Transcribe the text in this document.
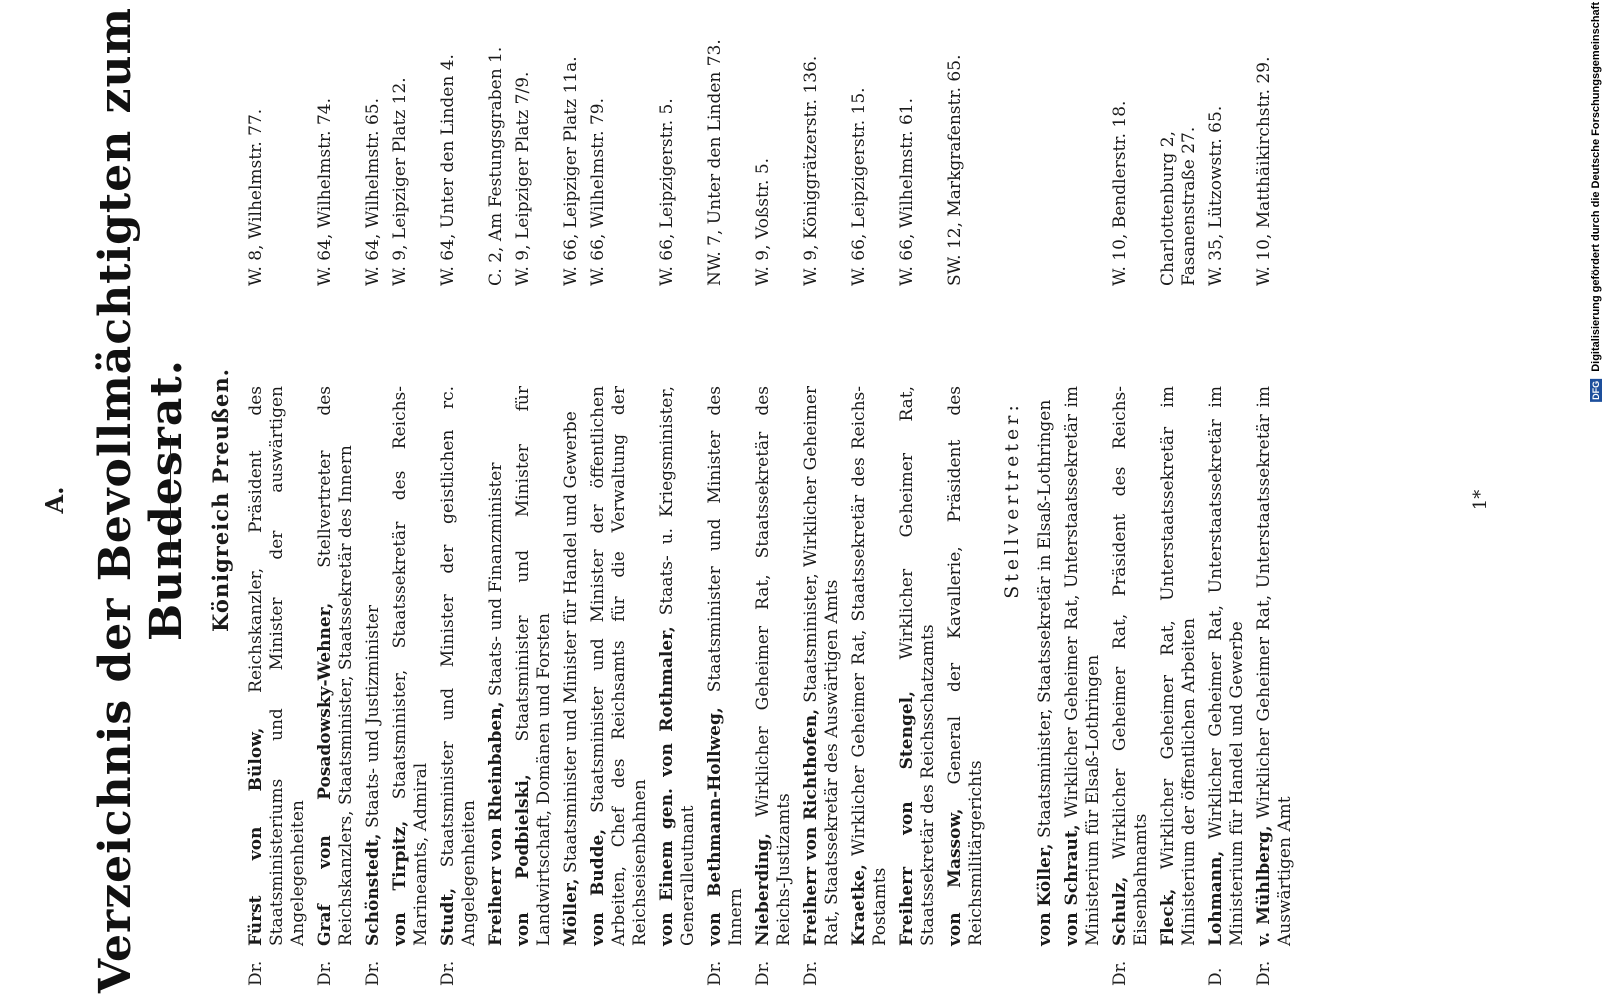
A. Verzeichnis der Bevollmächtigten zum Bundesrat. Königreich Preußen.
Dr.
Fürst von Bülow, Reichskanzler, Präsident des Staatsministeriums und Minister der auswärtigen Angelegenheiten
W. 8, Wilhelmstr. 77.
Dr.
Graf von Posadowsky-Wehner, Stellvertreter des Reichskanzlers, Staatsminister, Staatssekretär des Innern
W. 64, Wilhelmstr. 74.
Dr.
Schönstedt, Staats- und Justizminister
W. 64, Wilhelmstr. 65.
von Tirpitz, Staatsminister, Staatssekretär des Reichs-Marineamts, Admiral
W. 9, Leipziger Platz 12.
Dr.
Studt, Staatsminister und Minister der geistlichen rc. Angelegenheiten
W. 64, Unter den Linden 4.
Freiherr von Rheinbaben, Staats- und Finanzminister
C. 2, Am Festungsgraben 1.
von Podbielski, Staatsminister und Minister für Landwirtschaft, Domänen und Forsten
W. 9, Leipziger Platz 7/9.
Möller, Staatsminister und Minister für Handel und Gewerbe
W. 66, Leipziger Platz 11a.
von Budde, Staatsminister und Minister der öffentlichen Arbeiten, Chef des Reichsamts für die Verwaltung der Reichseisenbahnen
W. 66, Wilhelmstr. 79.
von Einem gen. von Rothmaler, Staats- u. Kriegsminister, Generalleutnant
W. 66, Leipzigerstr. 5.
Dr.
von Bethmann-Hollweg, Staatsminister und Minister des Innern
NW. 7, Unter den Linden 73.
Dr.
Nieberding, Wirklicher Geheimer Rat, Staatssekretär des Reichs-Justizamts
W. 9, Voßstr. 5.
Dr.
Freiherr von Richthofen, Staatsminister, Wirklicher Geheimer Rat, Staatssekretär des Auswärtigen Amts
W. 9, Königgrätzerstr. 136.
Kraetke, Wirklicher Geheimer Rat, Staatssekretär des Reichs-Postamts
W. 66, Leipzigerstr. 15.
Freiherr von Stengel, Wirklicher Geheimer Rat, Staatssekretär des Reichsschatzamts
W. 66, Wilhelmstr. 61.
von Massow, General der Kavallerie, Präsident des Reichsmilitärgerichts
SW. 12, Markgrafenstr. 65.
Stellvertreter:
von Köller, Staatsminister, Staatssekretär in Elsaß-Lothringen
von Schraut, Wirklicher Geheimer Rat, Unterstaatssekretär im Ministerium für Elsaß-Lothringen
Dr.
Schulz, Wirklicher Geheimer Rat, Präsident des Reichs-Eisenbahnamts
W. 10, Bendlerstr. 18.
Fleck, Wirklicher Geheimer Rat, Unterstaatssekretär im Ministerium der öffentlichen Arbeiten
Charlottenburg 2, Fasanenstraße 27.
D.
Lohmann, Wirklicher Geheimer Rat, Unterstaatssekretär im Ministerium für Handel und Gewerbe
W. 35, Lützowstr. 65.
Dr.
v. Mühlberg, Wirklicher Geheimer Rat, Unterstaatssekretär im Auswärtigen Amt
W. 10, Matthäikirchstr. 29.
1*
DFG Digitalisierung gefördert durch die Deutsche Forschungsgemeinschaft
